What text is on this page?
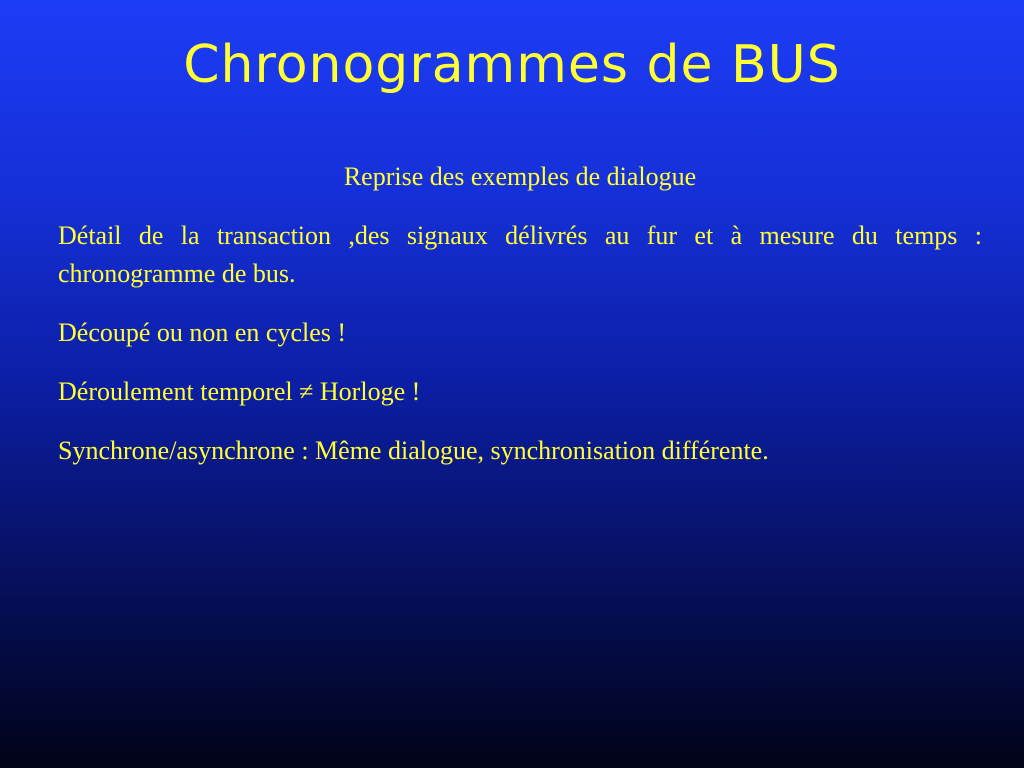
Chronogrammes de BUS

Reprise des exemples de dialogue

Détail de la transaction ,des signaux délivrés au fur et à mesure du temps : chronogramme de bus.

Découpé ou non en cycles !

Déroulement temporel ≠ Horloge !

Synchrone/asynchrone : Même dialogue, synchronisation différente.
